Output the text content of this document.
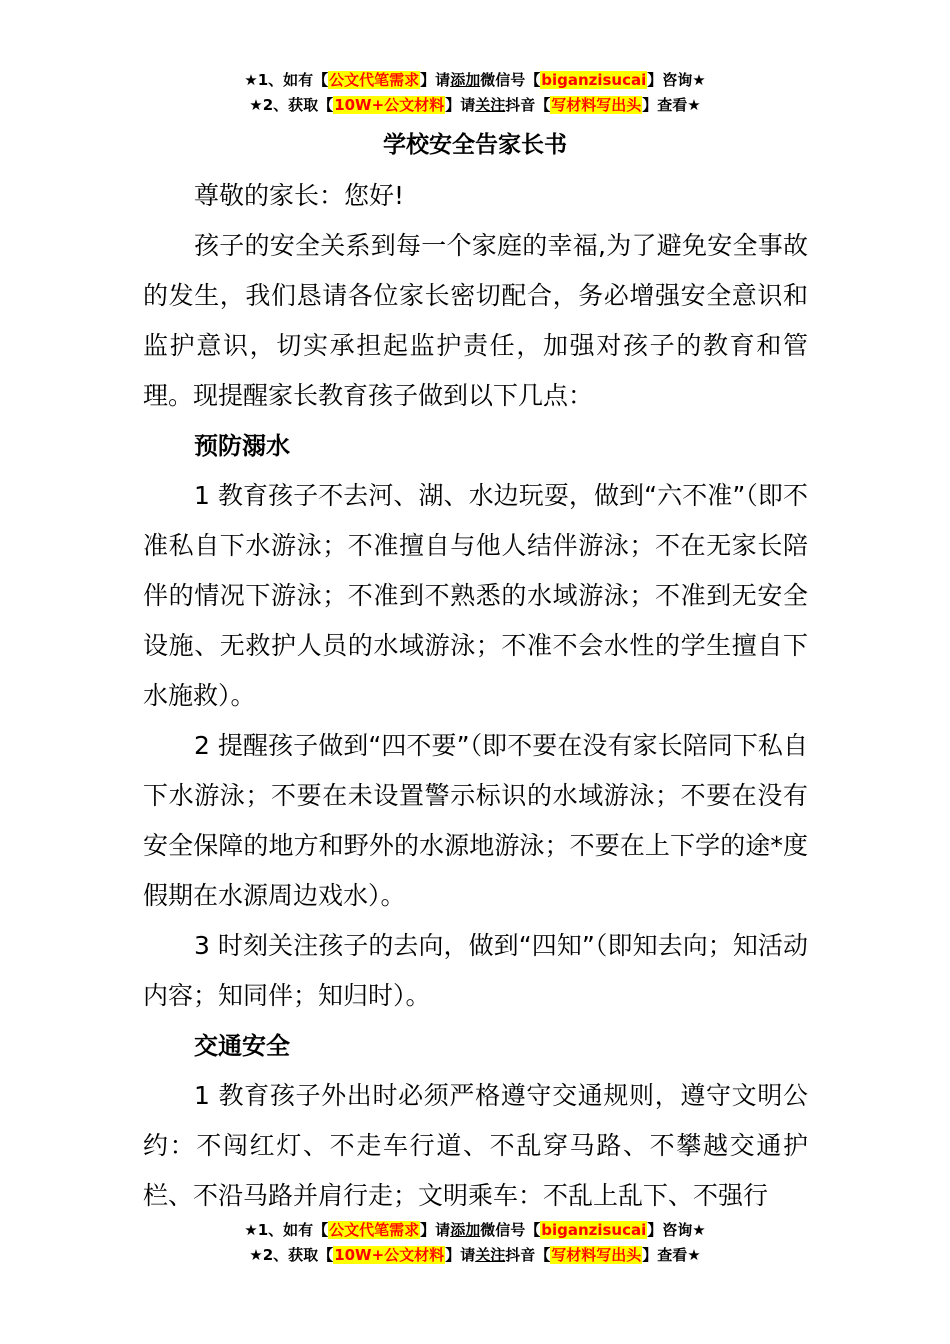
★1、如有【公文代笔需求】请添加微信号【biganzisucai】咨询★
★2、获取【10W+公文材料】请关注抖音【写材料写出头】查看★
学校安全告家长书

尊敬的家长：您好!

孩子的安全关系到每一个家庭的幸福,为了避免安全事故的发生，我们恳请各位家长密切配合，务必增强安全意识和监护意识，切实承担起监护责任，加强对孩子的教育和管理。现提醒家长教育孩子做到以下几点：

预防溺水

1 教育孩子不去河、湖、水边玩耍，做到“六不准”（即不准私自下水游泳；不准擅自与他人结伴游泳；不在无家长陪伴的情况下游泳；不准到不熟悉的水域游泳；不准到无安全设施、无救护人员的水域游泳；不准不会水性的学生擅自下水施救）。

2 提醒孩子做到“四不要”（即不要在没有家长陪同下私自下水游泳；不要在未设置警示标识的水域游泳；不要在没有安全保障的地方和野外的水源地游泳；不要在上下学的途*度假期在水源周边戏水）。

3 时刻关注孩子的去向，做到“四知”（即知去向；知活动内容；知同伴；知归时）。

交通安全

1 教育孩子外出时必须严格遵守交通规则，遵守文明公约：不闯红灯、不走车行道、不乱穿马路、不攀越交通护栏、不沿马路并肩行走；文明乘车：不乱上乱下、不强行

★1、如有【公文代笔需求】请添加微信号【biganzisucai】咨询★
★2、获取【10W+公文材料】请关注抖音【写材料写出头】查看★
